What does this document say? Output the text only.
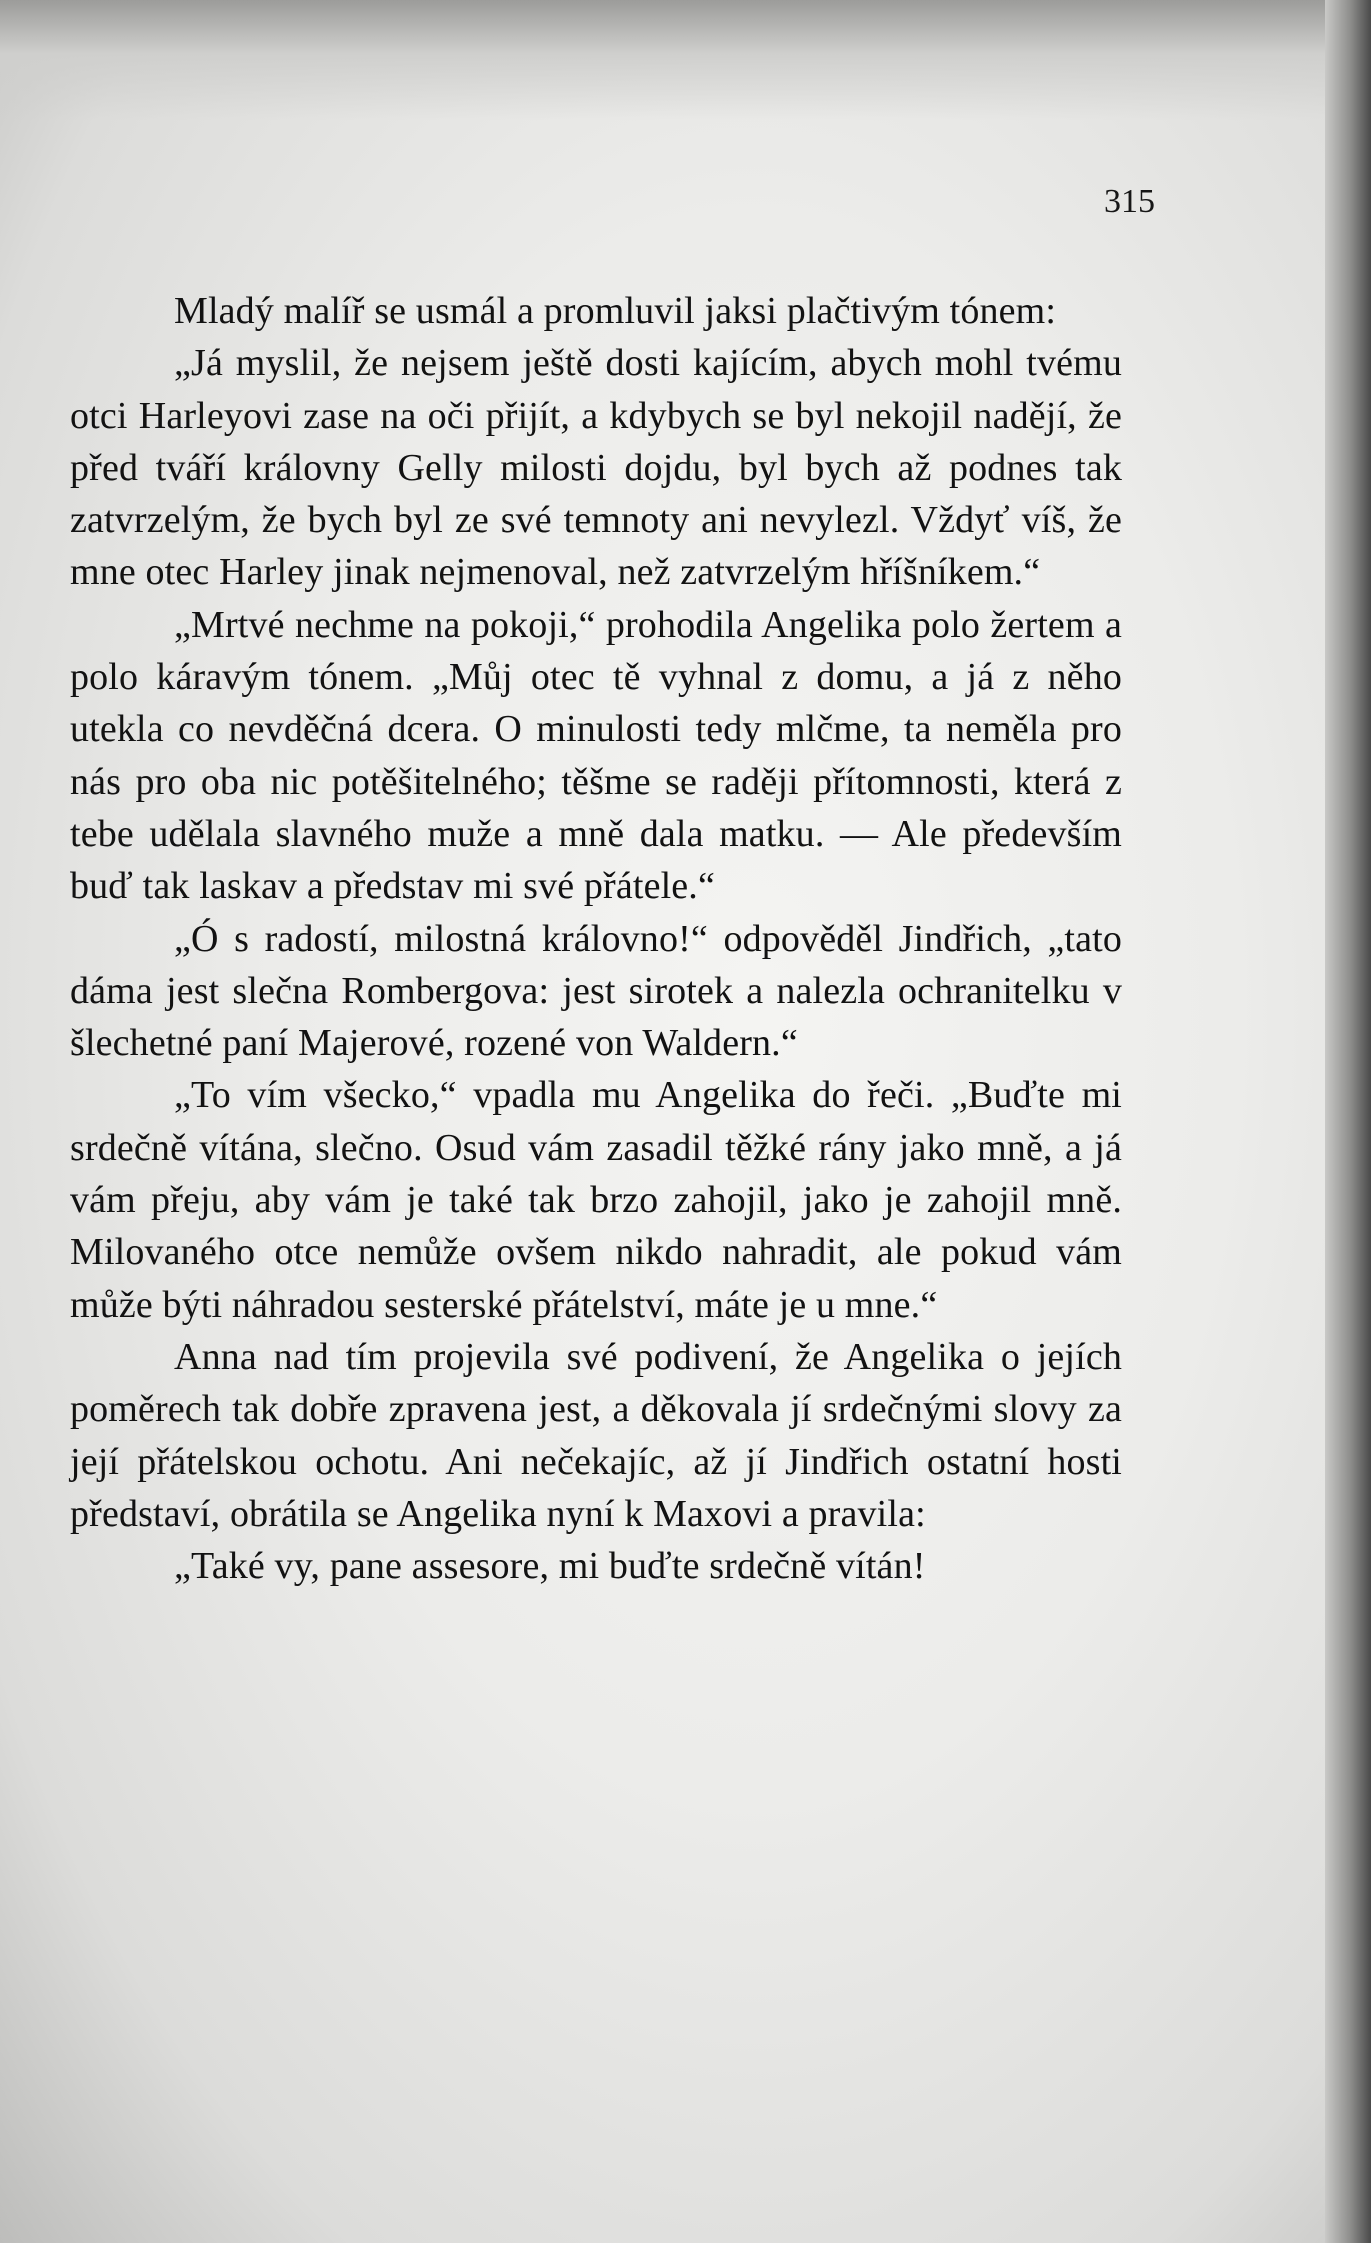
315

Mladý malíř se usmál a promluvil jaksi plačtivým tónem:

„Já myslil, že nejsem ještě dosti kajícím, abych mohl tvému otci Harleyovi zase na oči přijít, a kdybych se byl nekojil nadějí, že před tváří královny Gelly milosti dojdu, byl bych až podnes tak zatvrzelým, že bych byl ze své temnoty ani nevylezl. Vždyť víš, že mne otec Harley jinak nejmenoval, než zatvrzelým hříšníkem.“

„Mrtvé nechme na pokoji,“ prohodila Angelika polo žertem a polo káravým tónem. „Můj otec tě vyhnal z domu, a já z něho utekla co nevděčná dcera. O minulosti tedy mlčme, ta neměla pro nás pro oba nic potěšitelného; těšme se raději přítomnosti, která z tebe udělala slavného muže a mně dala matku. — Ale především buď tak laskav a představ mi své přátele.“

„Ó s radostí, milostná královno!“ odpověděl Jindřich, „tato dáma jest slečna Rombergova: jest sirotek a nalezla ochranitelku v šlechetné paní Majerové, rozené von Waldern.“

„To vím všecko,“ vpadla mu Angelika do řeči. „Buďte mi srdečně vítána, slečno. Osud vám zasadil těžké rány jako mně, a já vám přeju, aby vám je také tak brzo zahojil, jako je zahojil mně. Milovaného otce nemůže ovšem nikdo nahradit, ale pokud vám může býti náhradou sesterské přátelství, máte je u mne.“

Anna nad tím projevila své podivení, že Angelika o jejích poměrech tak dobře zpravena jest, a děkovala jí srdečnými slovy za její přátelskou ochotu. Ani nečekajíc, až jí Jindřich ostatní hosti představí, obrátila se Angelika nyní k Maxovi a pravila:

„Také vy, pane assesore, mi buďte srdečně vítán!
